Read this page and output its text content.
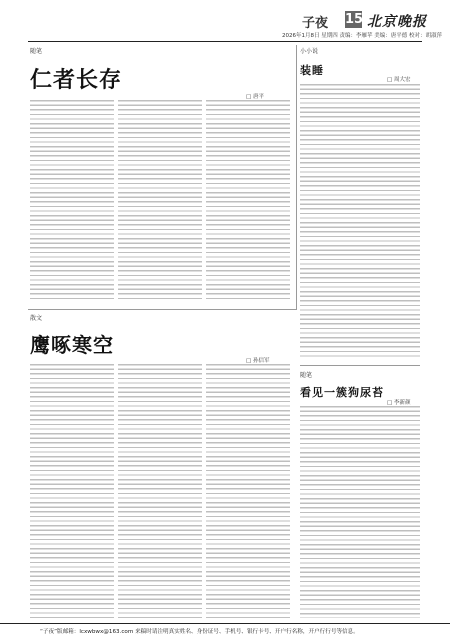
子夜 15 北京晚报
2026年1月8日 星期四 责编：李雁苹 美编：唐平德 校对：胡淑萍
随笔
仁者长存
□ 唐平
小小说
装睡
□ 周大宏
散文
鹰啄寒空
□ 孙信军
随笔
看见一簇狗尿苔
□ 李新颜
“子夜”版邮箱：lcxwbwx@163.com 来稿时请注明真实姓名、身份证号、手机号、银行卡号、开户行名称，开户行行号等信息。
